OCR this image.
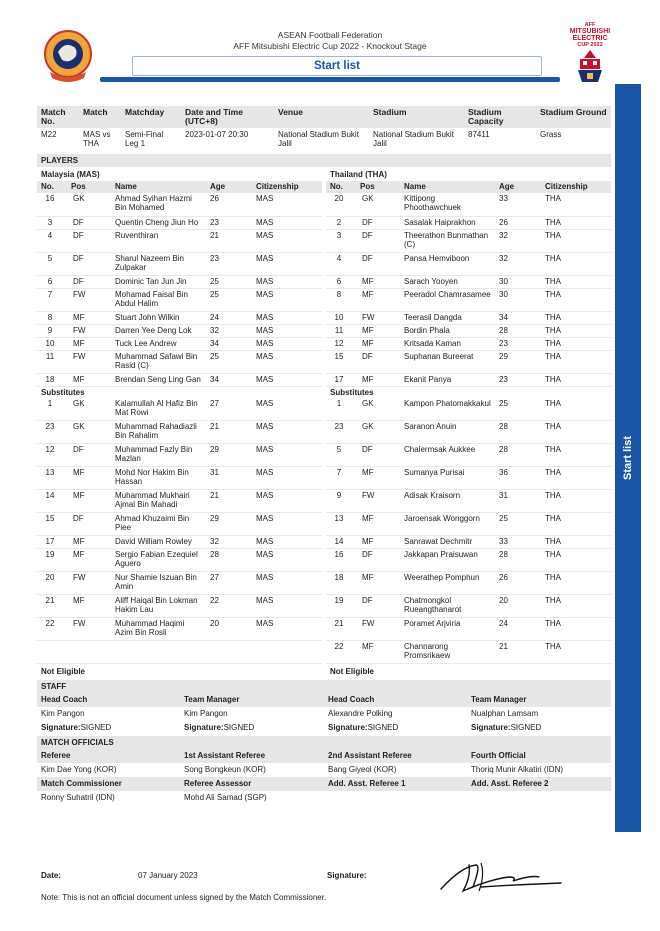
AFF
MITSUBISHI
ELECTRIC
CUP 2022
ASEAN Football Federation
AFF Mitsubishi Electric Cup 2022 - Knockout Stage
Start list
Start list
Match No.	Match	Matchday	Date and Time (UTC+8)	Venue	Stadium	Stadium Capacity	Stadium Ground
M22	MAS vs THA	Semi-Final Leg 1	2023-01-07 20:30	National Stadium Bukit Jalil	National Stadium Bukit Jalil	87411	Grass
PLAYERS
Malaysia (MAS)
No.	Pos	Name	Age	Citizenship
16	GK	Ahmad Syihan Hazmi Bin Mohamed	26	MAS
3	DF	Quentin Cheng Jiun Ho	23	MAS
4	DF	Ruventhiran	21	MAS
5	DF	Sharul Nazeem Bin Zulpakar	23	MAS
6	DF	Dominic Tan Jun Jin	25	MAS
7	FW	Mohamad Faisal Bin Abdul Halim	25	MAS
8	MF	Stuart John Wilkin	24	MAS
9	FW	Darren Yee Deng Lok	32	MAS
10	MF	Tuck Lee Andrew	34	MAS
11	FW	Muhammad Safawi Bin Rasid (C)	25	MAS
18	MF	Brendan Seng Ling Gan	34	MAS
Substitutes
1	GK	Kalamullah Al Hafiz Bin Mat Rowi	27	MAS
23	GK	Muhammad Rahadiazli Bin Rahalim	21	MAS
12	DF	Muhammad Fazly Bin Mazlan	29	MAS
13	MF	Mohd Nor Hakim Bin Hassan	31	MAS
14	MF	Muhammad Mukhairi Ajmal Bin Mahadi	21	MAS
15	DF	Ahmad Khuzaimi Bin Piee	29	MAS
17	MF	David William Rowley	32	MAS
19	MF	Sergio Fabian Ezequiel Aguero	28	MAS
20	FW	Nur Shamie Iszuan Bin Amin	27	MAS
21	MF	Aliff Haiqal Bin Lokman Hakim Lau	22	MAS
22	FW	Muhammad Haqimi Azim Bin Rosli	20	MAS

Not Eligible
Thailand (THA)
No.	Pos	Name	Age	Citizenship
20	GK	Kittipong Phoothawchuek	33	THA
2	DF	Sasalak Haiprakhon	26	THA
3	DF	Theerathon Bunmathan (C)	32	THA
4	DF	Pansa Hemviboon	32	THA
6	MF	Sarach Yooyen	30	THA
8	MF	Peeradol Chamrasamee	30	THA
10	FW	Teerasil Dangda	34	THA
11	MF	Bordin Phala	28	THA
12	MF	Kritsada Kaman	23	THA
15	DF	Suphanan Bureerat	29	THA
17	MF	Ekanit Panya	23	THA
Substitutes
1	GK	Kampon Phatomakkakul	25	THA
23	GK	Saranon Anuin	28	THA
5	DF	Chalermsak Aukkee	28	THA
7	MF	Sumanya Purisai	36	THA
9	FW	Adisak Kraisorn	31	THA
13	MF	Jaroensak Wonggorn	25	THA
14	MF	Sanrawat Dechmitr	33	THA
16	DF	Jakkapan Praisuwan	28	THA
18	MF	Weerathep Pomphun	26	THA
19	DF	Chatmongkol Rueangthanarot	20	THA
21	FW	Poramet Arjviria	24	THA
22	MF	Channarong Promsrikaew	21	THA
Not Eligible
STAFF
Head Coach	Team Manager	Head Coach	Team Manager
Kim Pangon	Kim Pangon	Alexandre Polking	Nualphan Lamsam
Signature:SIGNED	Signature:SIGNED	Signature:SIGNED	Signature:SIGNED
MATCH OFFICIALS
Referee	1st Assistant Referee	2nd Assistant Referee	Fourth Official
Kim Dae Yong (KOR)	Song Bongkeun (KOR)	Bang Giyeol (KOR)	Thoriq Munir Alkatiri (IDN)
Match Commissioner	Referee Assessor	Add. Asst. Referee 1	Add. Asst. Referee 2
Ronny Suhatril (IDN)	Mohd Ali Samad (SGP)
Date:	07 January 2023	Signature:
Note: This is not an official document unless signed by the Match Commissioner.
